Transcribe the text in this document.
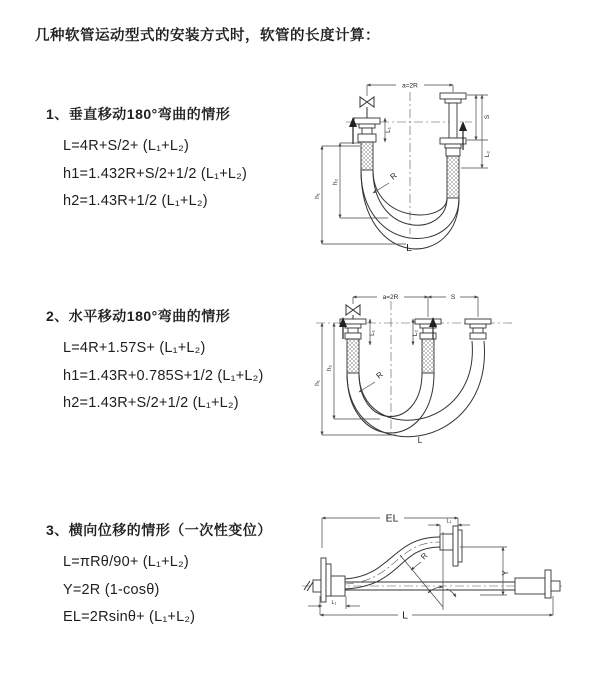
几种软管运动型式的安装方式时，软管的长度计算：
1、垂直移动180°弯曲的情形
L=4R+S/2+ (L₁+L₂)
h1=1.432R+S/2+1/2 (L₁+L₂)
h2=1.43R+1/2 (L₁+L₂)
2、水平移动180°弯曲的情形
L=4R+1.57S+ (L₁+L₂)
h1=1.43R+0.785S+1/2 (L₁+L₂)
h2=1.43R+S/2+1/2 (L₁+L₂)
3、横向位移的情形（一次性变位）
L=πRθ/90+ (L₁+L₂)
Y=2R (1-cosθ)
EL=2Rsinθ+ (L₁+L₂)
a=2R
h₁
h₂
L₁
S
L₂
R
L
a=2R	S
h₁
h₂
L₁	L₂
R
L
EL	L₁
R
Y
L
L₁
